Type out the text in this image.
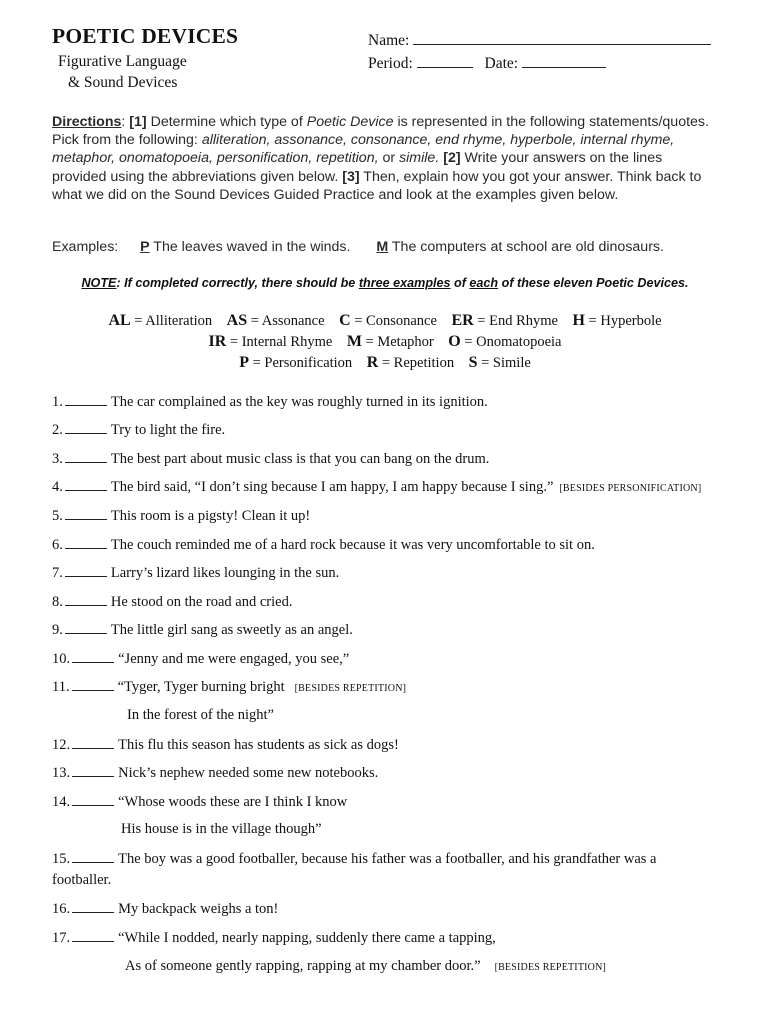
POETIC DEVICES
Figurative Language
& Sound Devices
Name:
Period:	Date:
Directions: [1] Determine which type of Poetic Device is represented in the following statements/quotes. Pick from the following: alliteration, assonance, consonance, end rhyme, hyperbole, internal rhyme, metaphor, onomatopoeia, personification, repetition, or simile. [2] Write your answers on the lines provided using the abbreviations given below. [3] Then, explain how you got your answer. Think back to what we did on the Sound Devices Guided Practice and look at the examples given below.
Examples: P The leaves waved in the winds. M The computers at school are old dinosaurs.
NOTE: If completed correctly, there should be three examples of each of these eleven Poetic Devices.
AL = Alliteration AS = Assonance C = Consonance ER = End Rhyme H = Hyperbole
IR = Internal Rhyme M = Metaphor O = Onomatopoeia
P = Personification R = Repetition S = Simile
1.	The car complained as the key was roughly turned in its ignition.
2.	Try to light the fire.
3.	The best part about music class is that you can bang on the drum.
4.	The bird said, “I don’t sing because I am happy, I am happy because I sing.” [BESIDES PERSONIFICATION]
5.	This room is a pigsty! Clean it up!
6.	The couch reminded me of a hard rock because it was very uncomfortable to sit on.
7.	Larry’s lizard likes lounging in the sun.
8.	He stood on the road and cried.
9.	The little girl sang as sweetly as an angel.
10.	“Jenny and me were engaged, you see,”
11.	“Tyger, Tyger burning bright [BESIDES REPETITION]
In the forest of the night”
12.	This flu this season has students as sick as dogs!
13.	Nick’s nephew needed some new notebooks.
14.	“Whose woods these are I think I know
His house is in the village though”
15.	The boy was a good footballer, because his father was a footballer, and his grandfather was a
footballer.
16.	My backpack weighs a ton!
17.	“While I nodded, nearly napping, suddenly there came a tapping,
As of someone gently rapping, rapping at my chamber door.” [BESIDES REPETITION]
